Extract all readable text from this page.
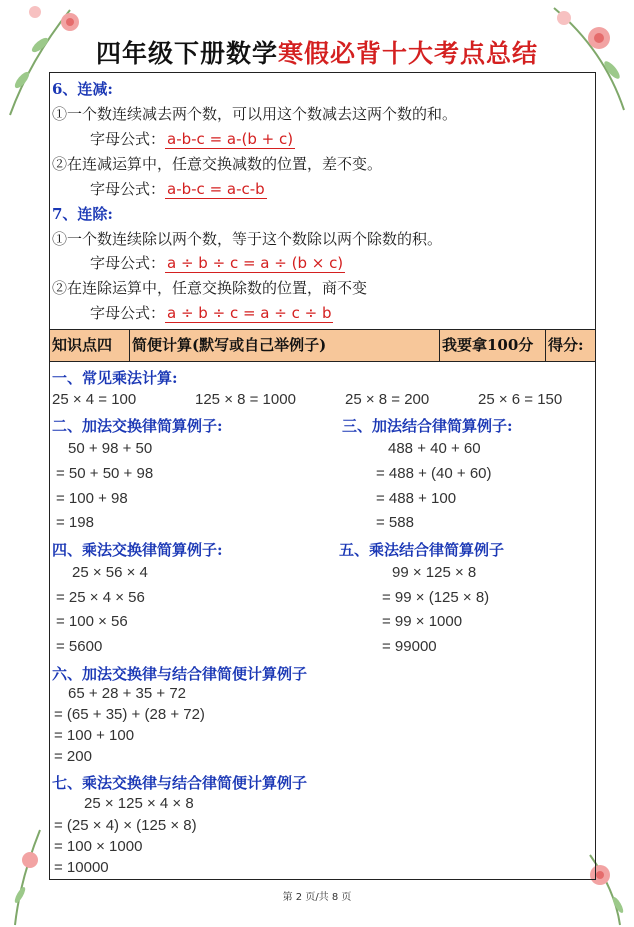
四年级下册数学寒假必背十大考点总结
6、连减:
①一个数连续减去两个数，可以用这个数减去这两个数的和。
字母公式： a-b-c = a-(b + c)
②在连减运算中，任意交换减数的位置，差不变。
字母公式： a-b-c = a-c-b
7、连除:
①一个数连续除以两个数，等于这个数除以两个除数的积。
字母公式： a ÷ b ÷ c = a ÷ (b × c)
②在连除运算中，任意交换除数的位置，商不变
字母公式： a ÷ b ÷ c = a ÷ c ÷ b
知识点四	简便计算(默写或自己举例子)	我要拿100分 得分:
一、常见乘法计算:
25 × 4 = 100	125 × 8 = 1000	25 × 8 = 200	25 × 6 = 150
二、加法交换律简算例子:	三、加法结合律简算例子:
50 + 98 + 50
= 50 + 50 + 98
= 100 + 98
= 198
488 + 40 + 60
= 488 + (40 + 60)
= 488 + 100
= 588
四、乘法交换律简算例子:	五、乘法结合律简算例子
25 × 56 × 4
= 25 × 4 × 56
= 100 × 56
= 5600
99 × 125 × 8
= 99 × (125 × 8)
= 99 × 1000
= 99000
六、加法交换律与结合律简便计算例子
65 + 28 + 35 + 72
= (65 + 35) + (28 + 72)
= 100 + 100
= 200
七、乘法交换律与结合律简便计算例子
25 × 125 × 4 × 8
= (25 × 4) × (125 × 8)
= 100 × 1000
= 10000
第 2 页/共 8 页
